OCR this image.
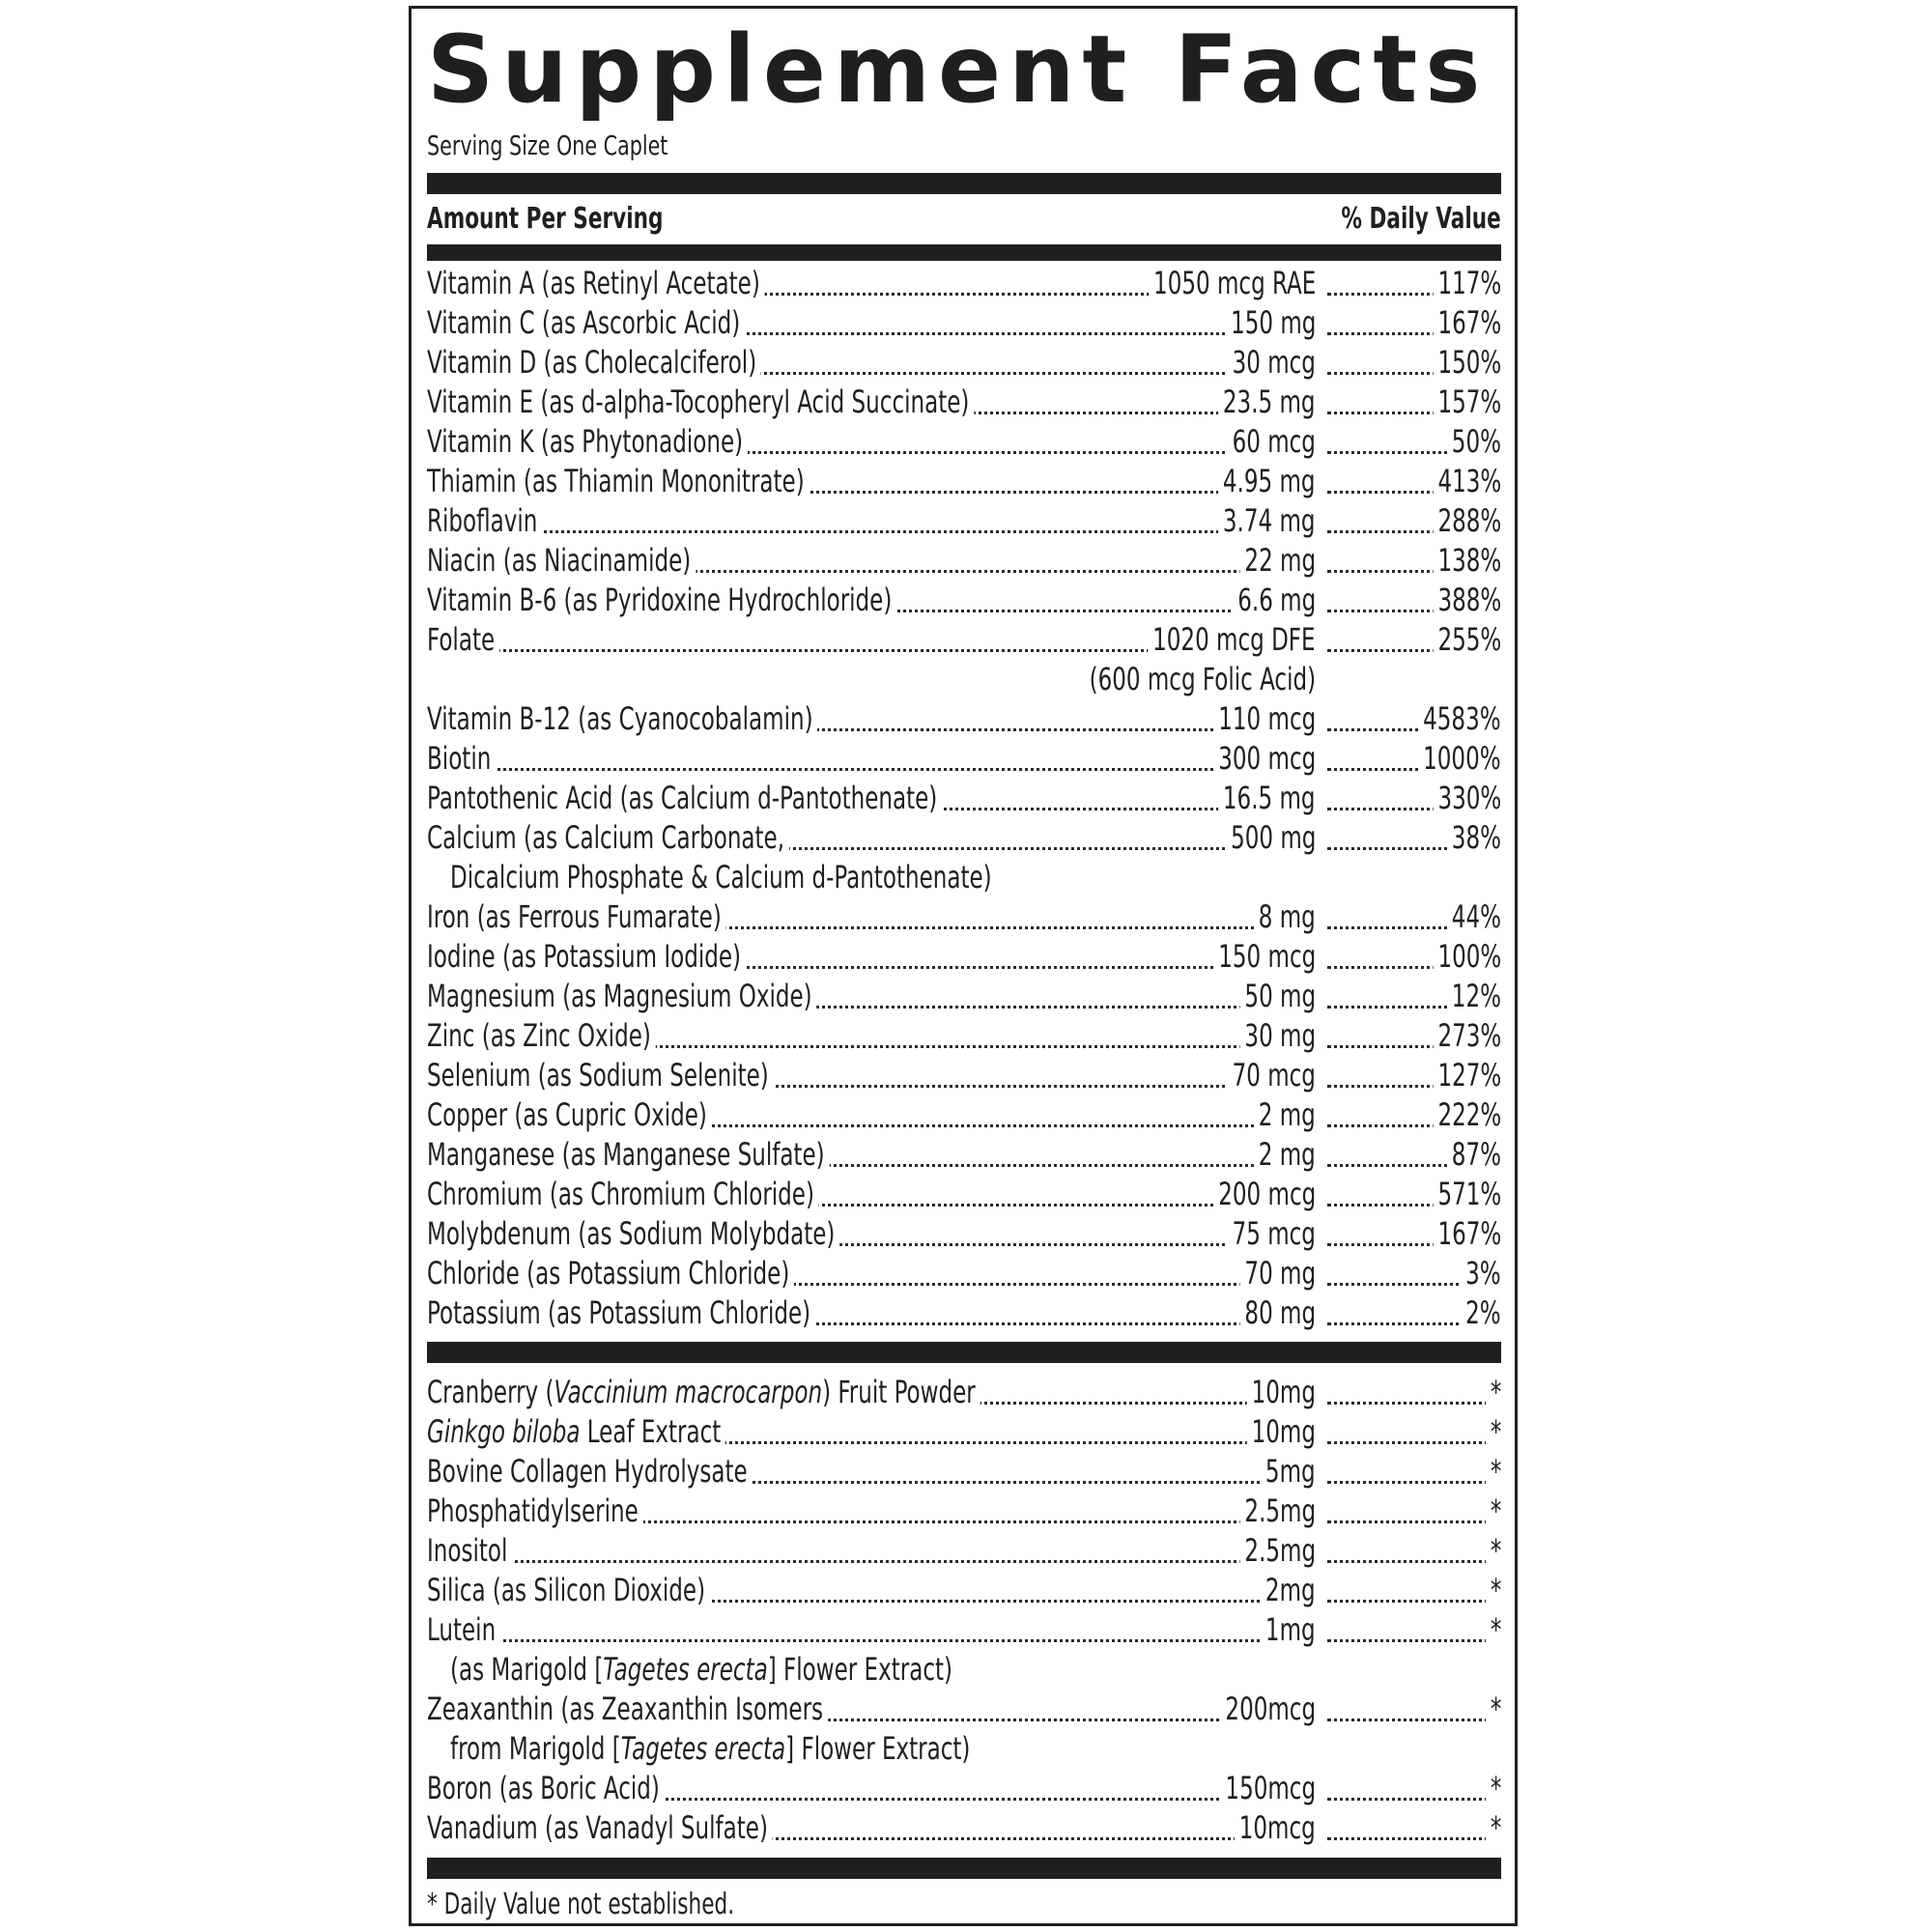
Supplement Facts
Serving Size One Caplet
Amount Per Serving	% Daily Value
Vitamin A (as Retinyl Acetate)	1050 mcg RAE	117%
Vitamin C (as Ascorbic Acid)	150 mg	167%
Vitamin D (as Cholecalciferol)	30 mcg	150%
Vitamin E (as d-alpha-Tocopheryl Acid Succinate)	23.5 mg	157%
Vitamin K (as Phytonadione)	60 mcg	50%
Thiamin (as Thiamin Mononitrate)	4.95 mg	413%
Riboflavin	3.74 mg	288%
Niacin (as Niacinamide)	22 mg	138%
Vitamin B-6 (as Pyridoxine Hydrochloride)	6.6 mg	388%
Folate	1020 mcg DFE	255%
(600 mcg Folic Acid)
Vitamin B-12 (as Cyanocobalamin)	110 mcg	4583%
Biotin	300 mcg	1000%
Pantothenic Acid (as Calcium d-Pantothenate)	16.5 mg	330%
Calcium (as Calcium Carbonate,	500 mg	38%
Dicalcium Phosphate & Calcium d-Pantothenate)
Iron (as Ferrous Fumarate)	8 mg	44%
Iodine (as Potassium Iodide)	150 mcg	100%
Magnesium (as Magnesium Oxide)	50 mg	12%
Zinc (as Zinc Oxide)	30 mg	273%
Selenium (as Sodium Selenite)	70 mcg	127%
Copper (as Cupric Oxide)	2 mg	222%
Manganese (as Manganese Sulfate)	2 mg	87%
Chromium (as Chromium Chloride)	200 mcg	571%
Molybdenum (as Sodium Molybdate)	75 mcg	167%
Chloride (as Potassium Chloride)	70 mg	3%
Potassium (as Potassium Chloride)	80 mg	2%
Cranberry (Vaccinium macrocarpon) Fruit Powder	10mg	*
Ginkgo biloba Leaf Extract	10mg	*
Bovine Collagen Hydrolysate	5mg	*
Phosphatidylserine	2.5mg	*
Inositol	2.5mg	*
Silica (as Silicon Dioxide)	2mg	*
Lutein	1mg	*
(as Marigold [Tagetes erecta] Flower Extract)
Zeaxanthin (as Zeaxanthin Isomers	200mcg	*
from Marigold [Tagetes erecta] Flower Extract)
Boron (as Boric Acid)	150mcg	*
Vanadium (as Vanadyl Sulfate)	10mcg	*
* Daily Value not established.
